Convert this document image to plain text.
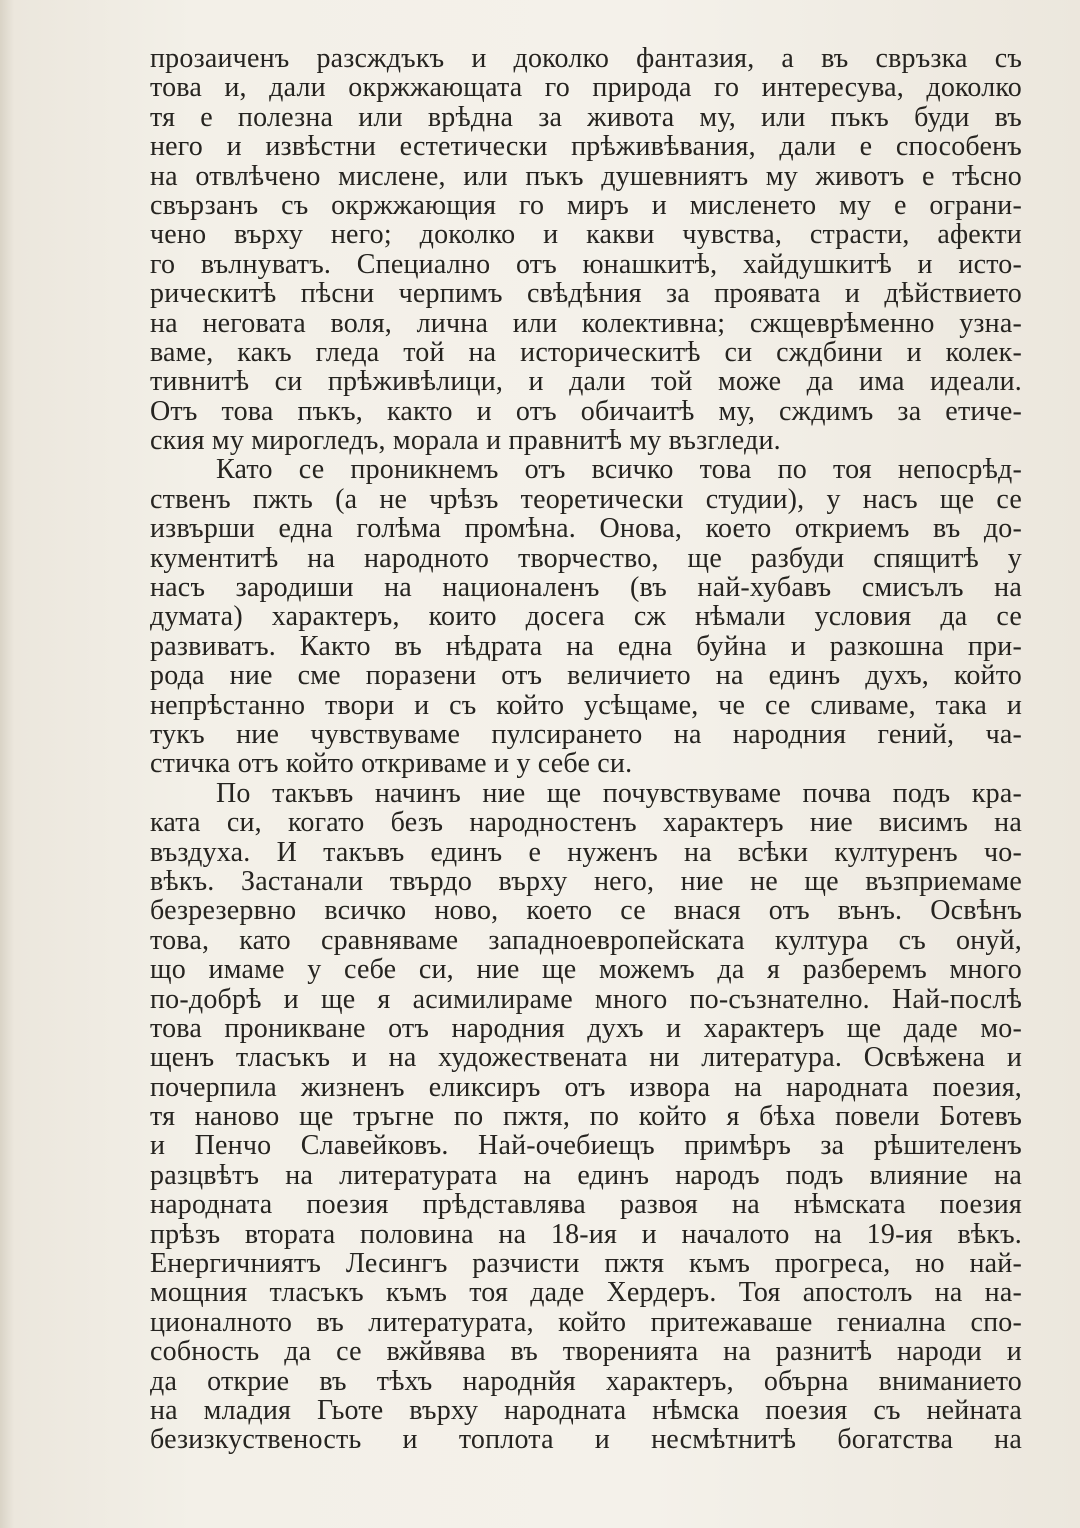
прозаиченъ разсждъкъ и доколко фантазия, а въ свръзка съ
това и, дали окржжающата го природа го интересува, доколко
тя е полезна или врѣдна за живота му, или пъкъ буди въ
него и извѣстни естетически прѣживѣвания, дали е способенъ
на отвлѣчено мислене, или пъкъ душевниятъ му животъ е тѣсно
свързанъ съ окржжающия го миръ и мисленето му е ограни-
чено върху него; доколко и какви чувства, страсти, афекти
го вълнуватъ. Специално отъ юнашкитѣ, хайдушкитѣ и исто-
рическитѣ пѣсни черпимъ свѣдѣния за проявата и дѣйствието
на неговата воля, лична или колективна; сжщеврѣменно узна-
ваме, какъ гледа той на историческитѣ си сждбини и колек-
тивнитѣ си прѣживѣлици, и дали той може да има идеали.
Отъ това пъкъ, както и отъ обичаитѣ му, сждимъ за етиче-
ския му мирогледъ, морала и правнитѣ му възгледи.
Като се проникнемъ отъ всичко това по тоя непосрѣд-
ственъ пжть (а не чрѣзъ теоретически студии), у насъ ще се
извърши една голѣма промѣна. Онова, което откриемъ въ до-
кументитѣ на народното творчество, ще разбуди спящитѣ у
насъ зародиши на националенъ (въ най-хубавъ смисълъ на
думата) характеръ, които досега сж нѣмали условия да се
развиватъ. Както въ нѣдрата на една буйна и разкошна при-
рода ние сме поразени отъ величието на единъ духъ, който
непрѣстанно твори и съ който усѣщаме, че се сливаме, така и
тукъ ние чувствуваме пулсирането на народния гений, ча-
стичка отъ който откриваме и у себе си.
По такъвъ начинъ ние ще почувствуваме почва подъ кра-
ката си, когато безъ народностенъ характеръ ние висимъ на
въздуха. И такъвъ единъ е нуженъ на всѣки културенъ чо-
вѣкъ. Застанали твърдо върху него, ние не ще възприемаме
безрезервно всичко ново, което се внася отъ вънъ. Освѣнъ
това, като сравняваме западноевропейската култура съ онуй,
що имаме у себе си, ние ще можемъ да я разберемъ много
по-добрѣ и ще я асимилираме много по-съзнателно. Най-послѣ
това проникване отъ народния духъ и характеръ ще даде мо-
щенъ тласъкъ и на художествената ни литература. Освѣжена и
почерпила жизненъ еликсиръ отъ извора на народната поезия,
тя наново ще тръгне по пжтя, по който я бѣха повели Ботевъ
и Пенчо Славейковъ. Най-очебиещъ примѣръ за рѣшителенъ
разцвѣтъ на литературата на единъ народъ подъ влияние на
народната поезия прѣдставлява развоя на нѣмската поезия
прѣзъ втората половина на 18-ия и началото на 19-ия вѣкъ.
Енергичниятъ Лесингъ разчисти пжтя къмъ прогреса, но най-
мощния тласъкъ къмъ тоя даде Хердеръ. Тоя апостолъ на на-
ционалното въ литературата, който притежаваше гениална спо-
собность да се вжйвява въ творенията на разнитѣ народи и
да открие въ тѣхъ народнйя характеръ, обърна вниманието
на младия Гьоте върху народната нѣмска поезия съ нейната
безизкуственость и топлота и несмѣтнитѣ богатства на
